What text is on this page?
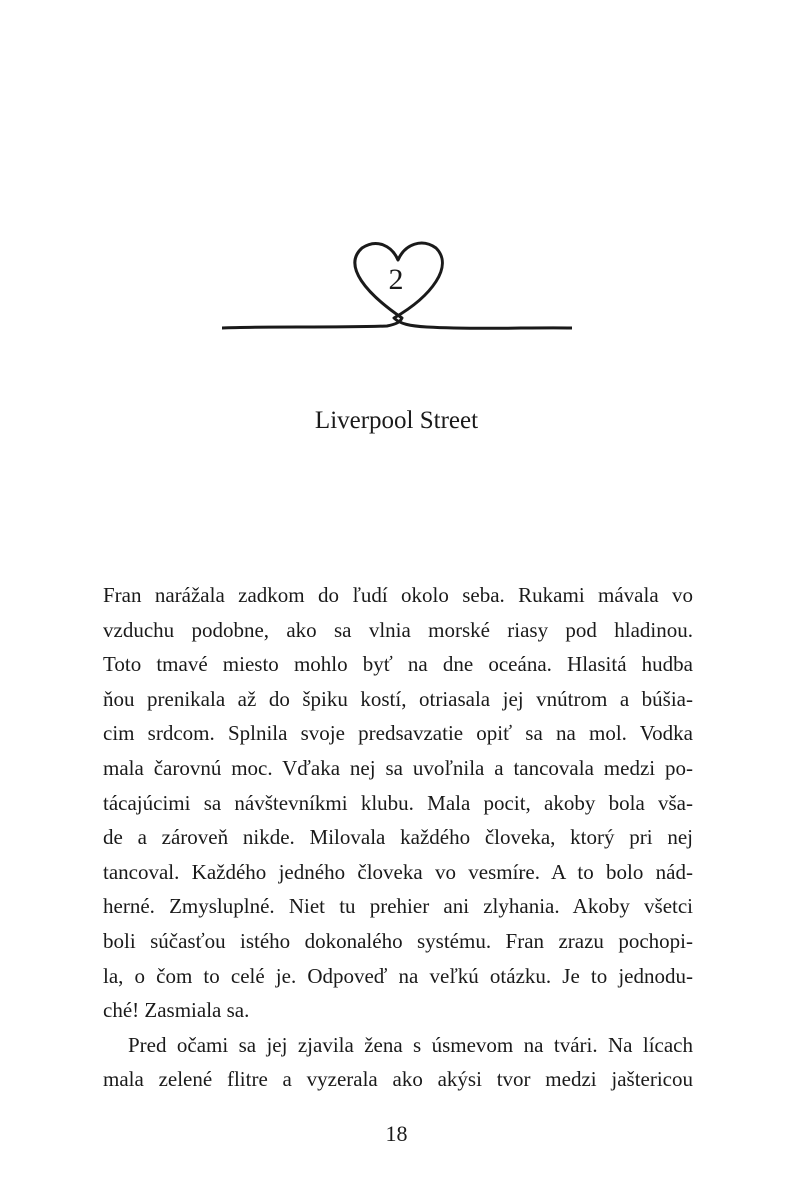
2
Liverpool Street
Fran narážala zadkom do ľudí okolo seba. Rukami mávala vo
vzduchu podobne, ako sa vlnia morské riasy pod hladinou.
Toto tmavé miesto mohlo byť na dne oceána. Hlasitá hudba
ňou prenikala až do špiku kostí, otriasala jej vnútrom a búšia-
cim srdcom. Splnila svoje predsavzatie opiť sa na mol. Vodka
mala čarovnú moc. Vďaka nej sa uvoľnila a tancovala medzi po-
tácajúcimi sa návštevníkmi klubu. Mala pocit, akoby bola vša-
de a zároveň nikde. Milovala každého človeka, ktorý pri nej
tancoval. Každého jedného človeka vo vesmíre. A to bolo nád-
herné. Zmysluplné. Niet tu prehier ani zlyhania. Akoby všetci
boli súčasťou istého dokonalého systému. Fran zrazu pochopi-
la, o čom to celé je. Odpoveď na veľkú otázku. Je to jednodu-
ché! Zasmiala sa.
Pred očami sa jej zjavila žena s úsmevom na tvári. Na lícach
mala zelené flitre a vyzerala ako akýsi tvor medzi jaštericou
18
